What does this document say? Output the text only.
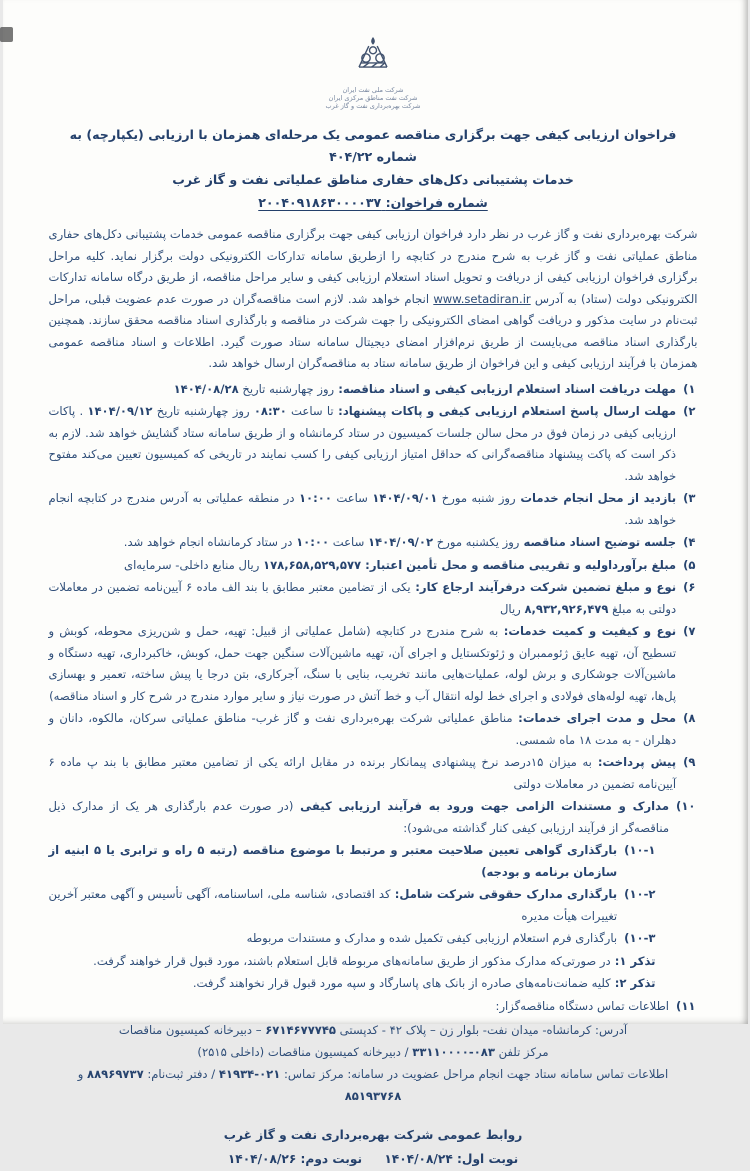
شرکت ملی نفت ایران
شرکت نفت مناطق مرکزی ایران
شرکت بهره‌برداری نفت و گاز غرب
فراخوان ارزیابی کیفی جهت برگزاری مناقصه عمومی یک مرحله‌ای همزمان با ارزیابی (یکپارچه) به شماره ۴۰۴/۲۲
خدمات پشتیبانی دکل‌های حفاری مناطق عملیاتی نفت و گاز غرب
شماره فراخوان: ۲۰۰۴۰۹۱۸۶۳۰۰۰۰۳۷

شرکت بهره‌برداری نفت و گاز غرب در نظر دارد فراخوان ارزیابی کیفی جهت برگزاری مناقصه عمومی خدمات پشتیبانی دکل‌های حفاری مناطق عملیاتی نفت و گاز غرب به شرح مندرج در کتابچه را ازطریق سامانه تدارکات الکترونیکی دولت برگزار نماید. کلیه مراحل برگزاری فراخوان ارزیابی کیفی از دریافت و تحویل اسناد استعلام ارزیابی کیفی و سایر مراحل مناقصه، از طریق درگاه سامانه تدارکات الکترونیکی دولت (ستاد) به آدرس www.setadiran.ir انجام خواهد شد. لازم است مناقصه‌گران در صورت عدم عضویت قبلی، مراحل ثبت‌نام در سایت مذکور و دریافت گواهی امضای الکترونیکی را جهت شرکت در مناقصه و بارگذاری اسناد مناقصه محقق سازند. همچنین بارگذاری اسناد مناقصه می‌بایست از طریق نرم‌افزار امضای دیجیتال سامانه ستاد صورت گیرد. اطلاعات و اسناد مناقصه عمومی همزمان با فرآیند ارزیابی کیفی و این فراخوان از طریق سامانه ستاد به مناقصه‌گران ارسال خواهد شد.

۱)
مهلت دریافت اسناد استعلام ارزیابی کیفی و اسناد مناقصه: روز چهارشنبه تاریخ ۱۴۰۴/۰۸/۲۸
۲)
مهلت ارسال پاسخ استعلام ارزیابی کیفی و پاکات پیشنهاد: تا ساعت ۰۸:۳۰ روز چهارشنبه تاریخ ۱۴۰۴/۰۹/۱۲ . پاکات ارزیابی کیفی در زمان فوق در محل سالن جلسات کمیسیون در ستاد کرمانشاه و از طریق سامانه ستاد گشایش خواهد شد. لازم به ذکر است که پاکت پیشنهاد مناقصه‌گرانی که حداقل امتیاز ارزیابی کیفی را کسب نمایند در تاریخی که کمیسیون تعیین می‌کند مفتوح خواهد شد.
۳)
بازدید از محل انجام خدمات روز شنبه مورخ ۱۴۰۴/۰۹/۰۱ ساعت ۱۰:۰۰ در منطقه عملیاتی به آدرس مندرج در کتابچه انجام خواهد شد.
۴)
جلسه توضیح اسناد مناقصه روز یکشنبه مورخ ۱۴۰۴/۰۹/۰۲ ساعت ۱۰:۰۰ در ستاد کرمانشاه انجام خواهد شد.
۵)
مبلغ برآورداولیه و تقریبی مناقصه و محل تأمین اعتبار: ۱۷۸,۶۵۸,۵۲۹,۵۷۷ ریال منابع داخلی- سرمایه‌ای
۶)
نوع و مبلغ تضمین شرکت درفرآیند ارجاع کار: یکی از تضامین معتبر مطابق با بند الف ماده ۶ آیین‌نامه تضمین در معاملات دولتی به مبلغ ۸,۹۳۲,۹۲۶,۴۷۹ ریال
۷)
نوع و کیفیت و کمیت خدمات: به شرح مندرج در کتابچه (شامل عملیاتی از قبیل: تهیه، حمل و شن‌ریزی محوطه، کوبش و تسطیح آن، تهیه عایق ژئوممبران و ژئوتکستایل و اجرای آن، تهیه ماشین‌آلات سنگین جهت حمل، کوبش، خاکبرداری، تهیه دستگاه و ماشین‌آلات جوشکاری و برش لوله، عملیات‌هایی مانند تخریب، بنایی با سنگ، آجرکاری، بتن درجا یا پیش ساخته، تعمیر و بهسازی پل‌ها، تهیه لوله‌های فولادی و اجرای خط لوله انتقال آب و خط آتش در صورت نیاز و سایر موارد مندرج در شرح کار و اسناد مناقصه)
۸)
محل و مدت اجرای خدمات: مناطق عملیاتی شرکت بهره‌برداری نفت و گاز غرب- مناطق عملیاتی سرکان، مالکوه، دانان و دهلران - به مدت ۱۸ ماه شمسی.
۹)
پیش پرداخت: به میزان ۱۵درصد نرخ پیشنهادی پیمانکار برنده در مقابل ارائه یکی از تضامین معتبر مطابق با بند پ ماده ۶ آیین‌نامه تضمین در معاملات دولتی
۱۰)
مدارک و مستندات الزامی جهت ورود به فرآیند ارزیابی کیفی (در صورت عدم بارگذاری هر یک از مدارک ذیل مناقصه‌گر از فرآیند ارزیابی کیفی کنار گذاشته می‌شود):
۱۰-۱)
بارگذاری گواهی تعیین صلاحیت معتبر و مرتبط با موضوع مناقصه (رتبه ۵ راه و ترابری یا ۵ ابنیه از سازمان برنامه و بودجه)
۱۰-۲)
بارگذاری مدارک حقوقی شرکت شامل: کد اقتصادی، شناسه ملی، اساسنامه، آگهی تأسیس و آگهی معتبر آخرین تغییرات هیأت مدیره
۱۰-۳)
بارگذاری فرم استعلام ارزیابی کیفی تکمیل شده و مدارک و مستندات مربوطه
تذکر ۱: در صورتی‌که مدارک مذکور از طریق سامانه‌های مربوطه قابل استعلام باشند، مورد قبول قرار خواهند گرفت.
تذکر ۲: کلیه ضمانت‌نامه‌های صادره از بانک های پاسارگاد و سپه مورد قبول قرار نخواهند گرفت.
۱۱)
اطلاعات تماس دستگاه مناقصه‌گزار:

آدرس: کرمانشاه- میدان نفت- بلوار زن – پلاک ۴۲ - کدپستی ۶۷۱۴۶۷۷۷۴۵ – دبیرخانه کمیسیون مناقصات

مرکز تلفن ۰۸۳-۳۳۱۱۰۰۰۰ / دبیرخانه کمیسیون مناقصات (داخلی ۲۵۱۵)

اطلاعات تماس سامانه ستاد جهت انجام مراحل عضویت در سامانه: مرکز تماس: ۰۲۱-۴۱۹۳۴ / دفتر ثبت‌نام: ۸۸۹۶۹۷۳۷ و ۸۵۱۹۳۷۶۸

روابط عمومی شرکت بهره‌برداری نفت و گاز غرب
نوبت اول: ۱۴۰۴/۰۸/۲۴ نوبت دوم: ۱۴۰۴/۰۸/۲۶
